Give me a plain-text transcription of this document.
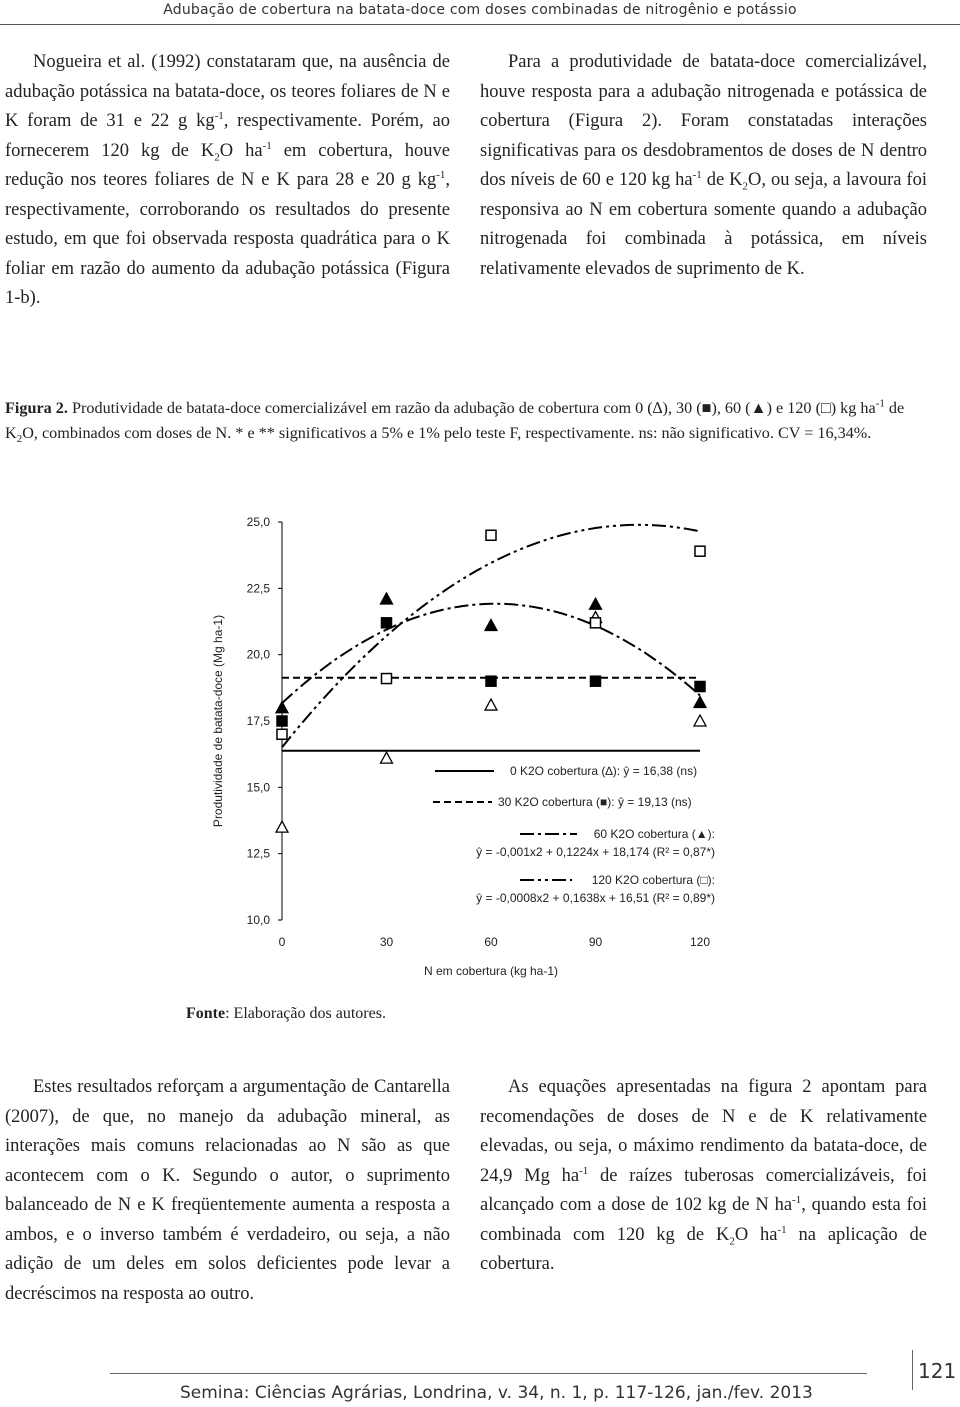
Adubação de cobertura na batata-doce com doses combinadas de nitrogênio e potássio

Nogueira et al. (1992) constataram que, na ausência de adubação potássica na batata-doce, os teores foliares de N e K foram de 31 e 22 g $kg^{-1}$, respectivamente. Porém, ao fornecerem 120 kg de $K_2O$ $ha^{-1}$ em cobertura, houve redução nos teores foliares de N e K para 28 e 20 g $kg^{-1}$, respectivamente, corroborando os resultados do presente estudo, em que foi observada resposta quadrática para o K foliar em razão do aumento da adubação potássica (Figura 1-b).

Para a produtividade de batata-doce comercializável, houve resposta para a adubação nitrogenada e potássica de cobertura (Figura 2). Foram constatadas interações significativas para os desdobramentos de doses de N dentro dos níveis de 60 e 120 kg $ha^{-1}$ de $K_2O$, ou seja, a lavoura foi responsiva ao N em cobertura somente quando a adubação nitrogenada foi combinada à potássica, em níveis relativamente elevados de suprimento de K.

Figura 2. Produtividade de batata-doce comercializável em razão da adubação de cobertura com 0 (∆), 30 (■), 60 (▲) e 120 (□) kg $ha^{-1}$ de $K_2O$, combinados com doses de N. * e ** significativos a 5% e 1% pelo teste F, respectivamente. ns: não significativo. CV = 16,34%.
10,0
12,5
15,0
17,5
20,0
22,5
25,0
0	30	60	90	120
N em cobertura (kg ha-1)
Produtividade de batata-doce (Mg ha-1)	0 K2O cobertura (∆): ŷ = 16,38 (ns)
30 K2O cobertura (■): ŷ = 19,13 (ns)
60 K2O cobertura (▲):
ŷ = -0,001x2 + 0,1224x + 18,174 (R² = 0,87*)
120 K2O cobertura (□):
ŷ = -0,0008x2 + 0,1638x + 16,51 (R² = 0,89*)
Fonte: Elaboração dos autores.

Estes resultados reforçam a argumentação de Cantarella (2007), de que, no manejo da adubação mineral, as interações mais comuns relacionadas ao N são as que acontecem com o K. Segundo o autor, o suprimento balanceado de N e K freqüentemente aumenta a resposta a ambos, e o inverso também é verdadeiro, ou seja, a não adição de um deles em solos deficientes pode levar a decréscimos na resposta ao outro.

As equações apresentadas na figura 2 apontam para recomendações de doses de N e de K relativamente elevadas, ou seja, o máximo rendimento da batata-doce, de 24,9 Mg $ha^{-1}$ de raízes tuberosas comercializáveis, foi alcançado com a dose de 102 kg de N $ha^{-1}$, quando esta foi combinada com 120 kg de $K_2O$ $ha^{-1}$ na aplicação de cobertura.

Semina: Ciências Agrárias, Londrina, v. 34, n. 1, p. 117-126, jan./fev. 2013
121
